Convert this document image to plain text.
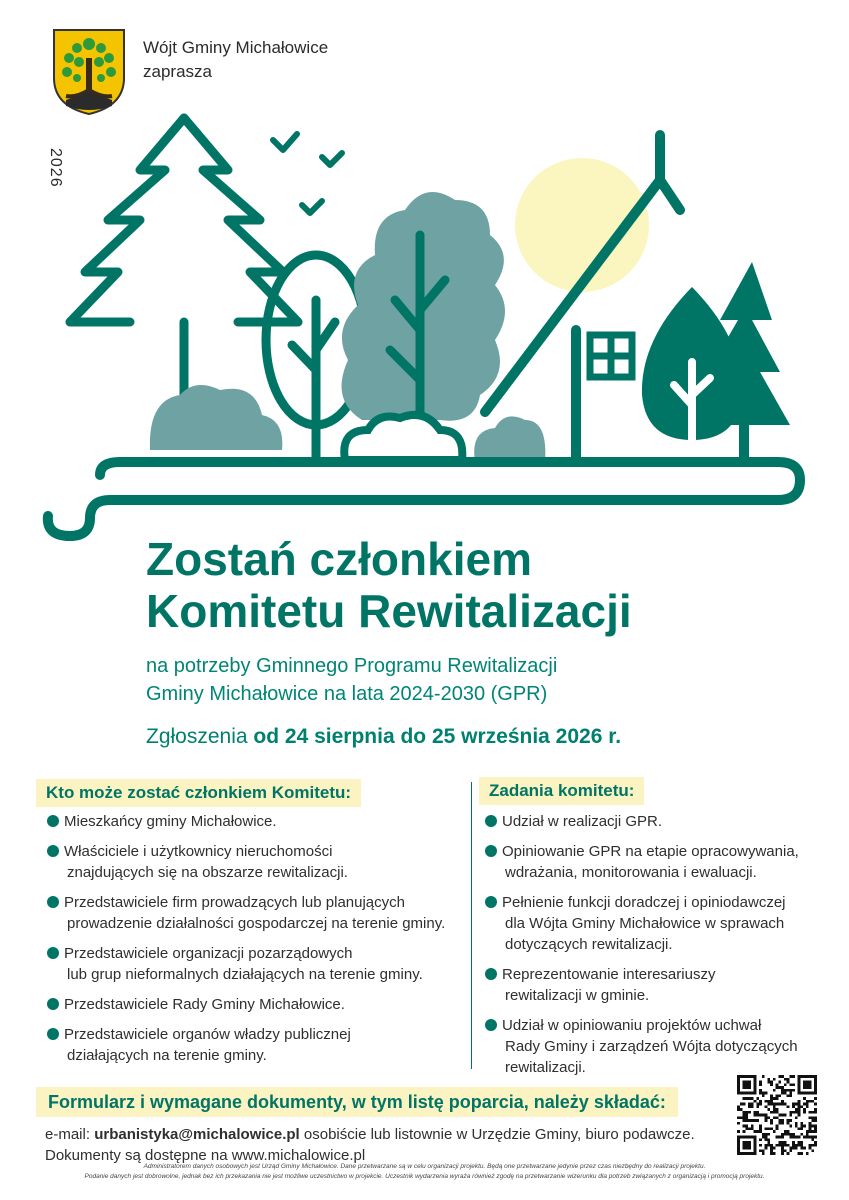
Wójt Gminy Michałowice
zaprasza
2026
Zostań członkiem
Komitetu Rewitalizacji
na potrzeby Gminnego Programu Rewitalizacji
Gminy Michałowice na lata 2024-2030 (GPR)
Zgłoszenia od 24 sierpnia do 25 września 2026 r.
Kto może zostać członkiem Komitetu:	Zadania komitetu:
Mieszkańcy gminy Michałowice.
Właściciele i użytkownicy nieruchomości
znajdujących się na obszarze rewitalizacji.
Przedstawiciele firm prowadzących lub planujących
prowadzenie działalności gospodarczej na terenie gminy.
Przedstawiciele organizacji pozarządowych
lub grup nieformalnych działających na terenie gminy.
Przedstawiciele Rady Gminy Michałowice.
Przedstawiciele organów władzy publicznej
działających na terenie gminy.
Udział w realizacji GPR.
Opiniowanie GPR na etapie opracowywania,
wdrażania, monitorowania i ewaluacji.
Pełnienie funkcji doradczej i opiniodawczej
dla Wójta Gminy Michałowice w sprawach
dotyczących rewitalizacji.
Reprezentowanie interesariuszy
rewitalizacji w gminie.
Udział w opiniowaniu projektów uchwał
Rady Gminy i zarządzeń Wójta dotyczących
rewitalizacji.
Formularz i wymagane dokumenty, w tym listę poparcia, należy składać:
e-mail: urbanistyka@michalowice.pl osobiście lub listownie w Urzędzie Gminy, biuro podawcze.
Dokumenty są dostępne na www.michalowice.pl
Administratorem danych osobowych jest Urząd Gminy Michałowice. Dane przetwarzane są w celu organizacji projektu. Będą one przetwarzane jedynie przez czas niezbędny do realizacji projektu.
Podanie danych jest dobrowolne, jednak bez ich przekazania nie jest możliwe uczestnictwo w projekcie. Uczestnik wydarzenia wyraża również zgodę na przetwarzanie wizerunku dla potrzeb związanych z organizacją i promocją projektu.
